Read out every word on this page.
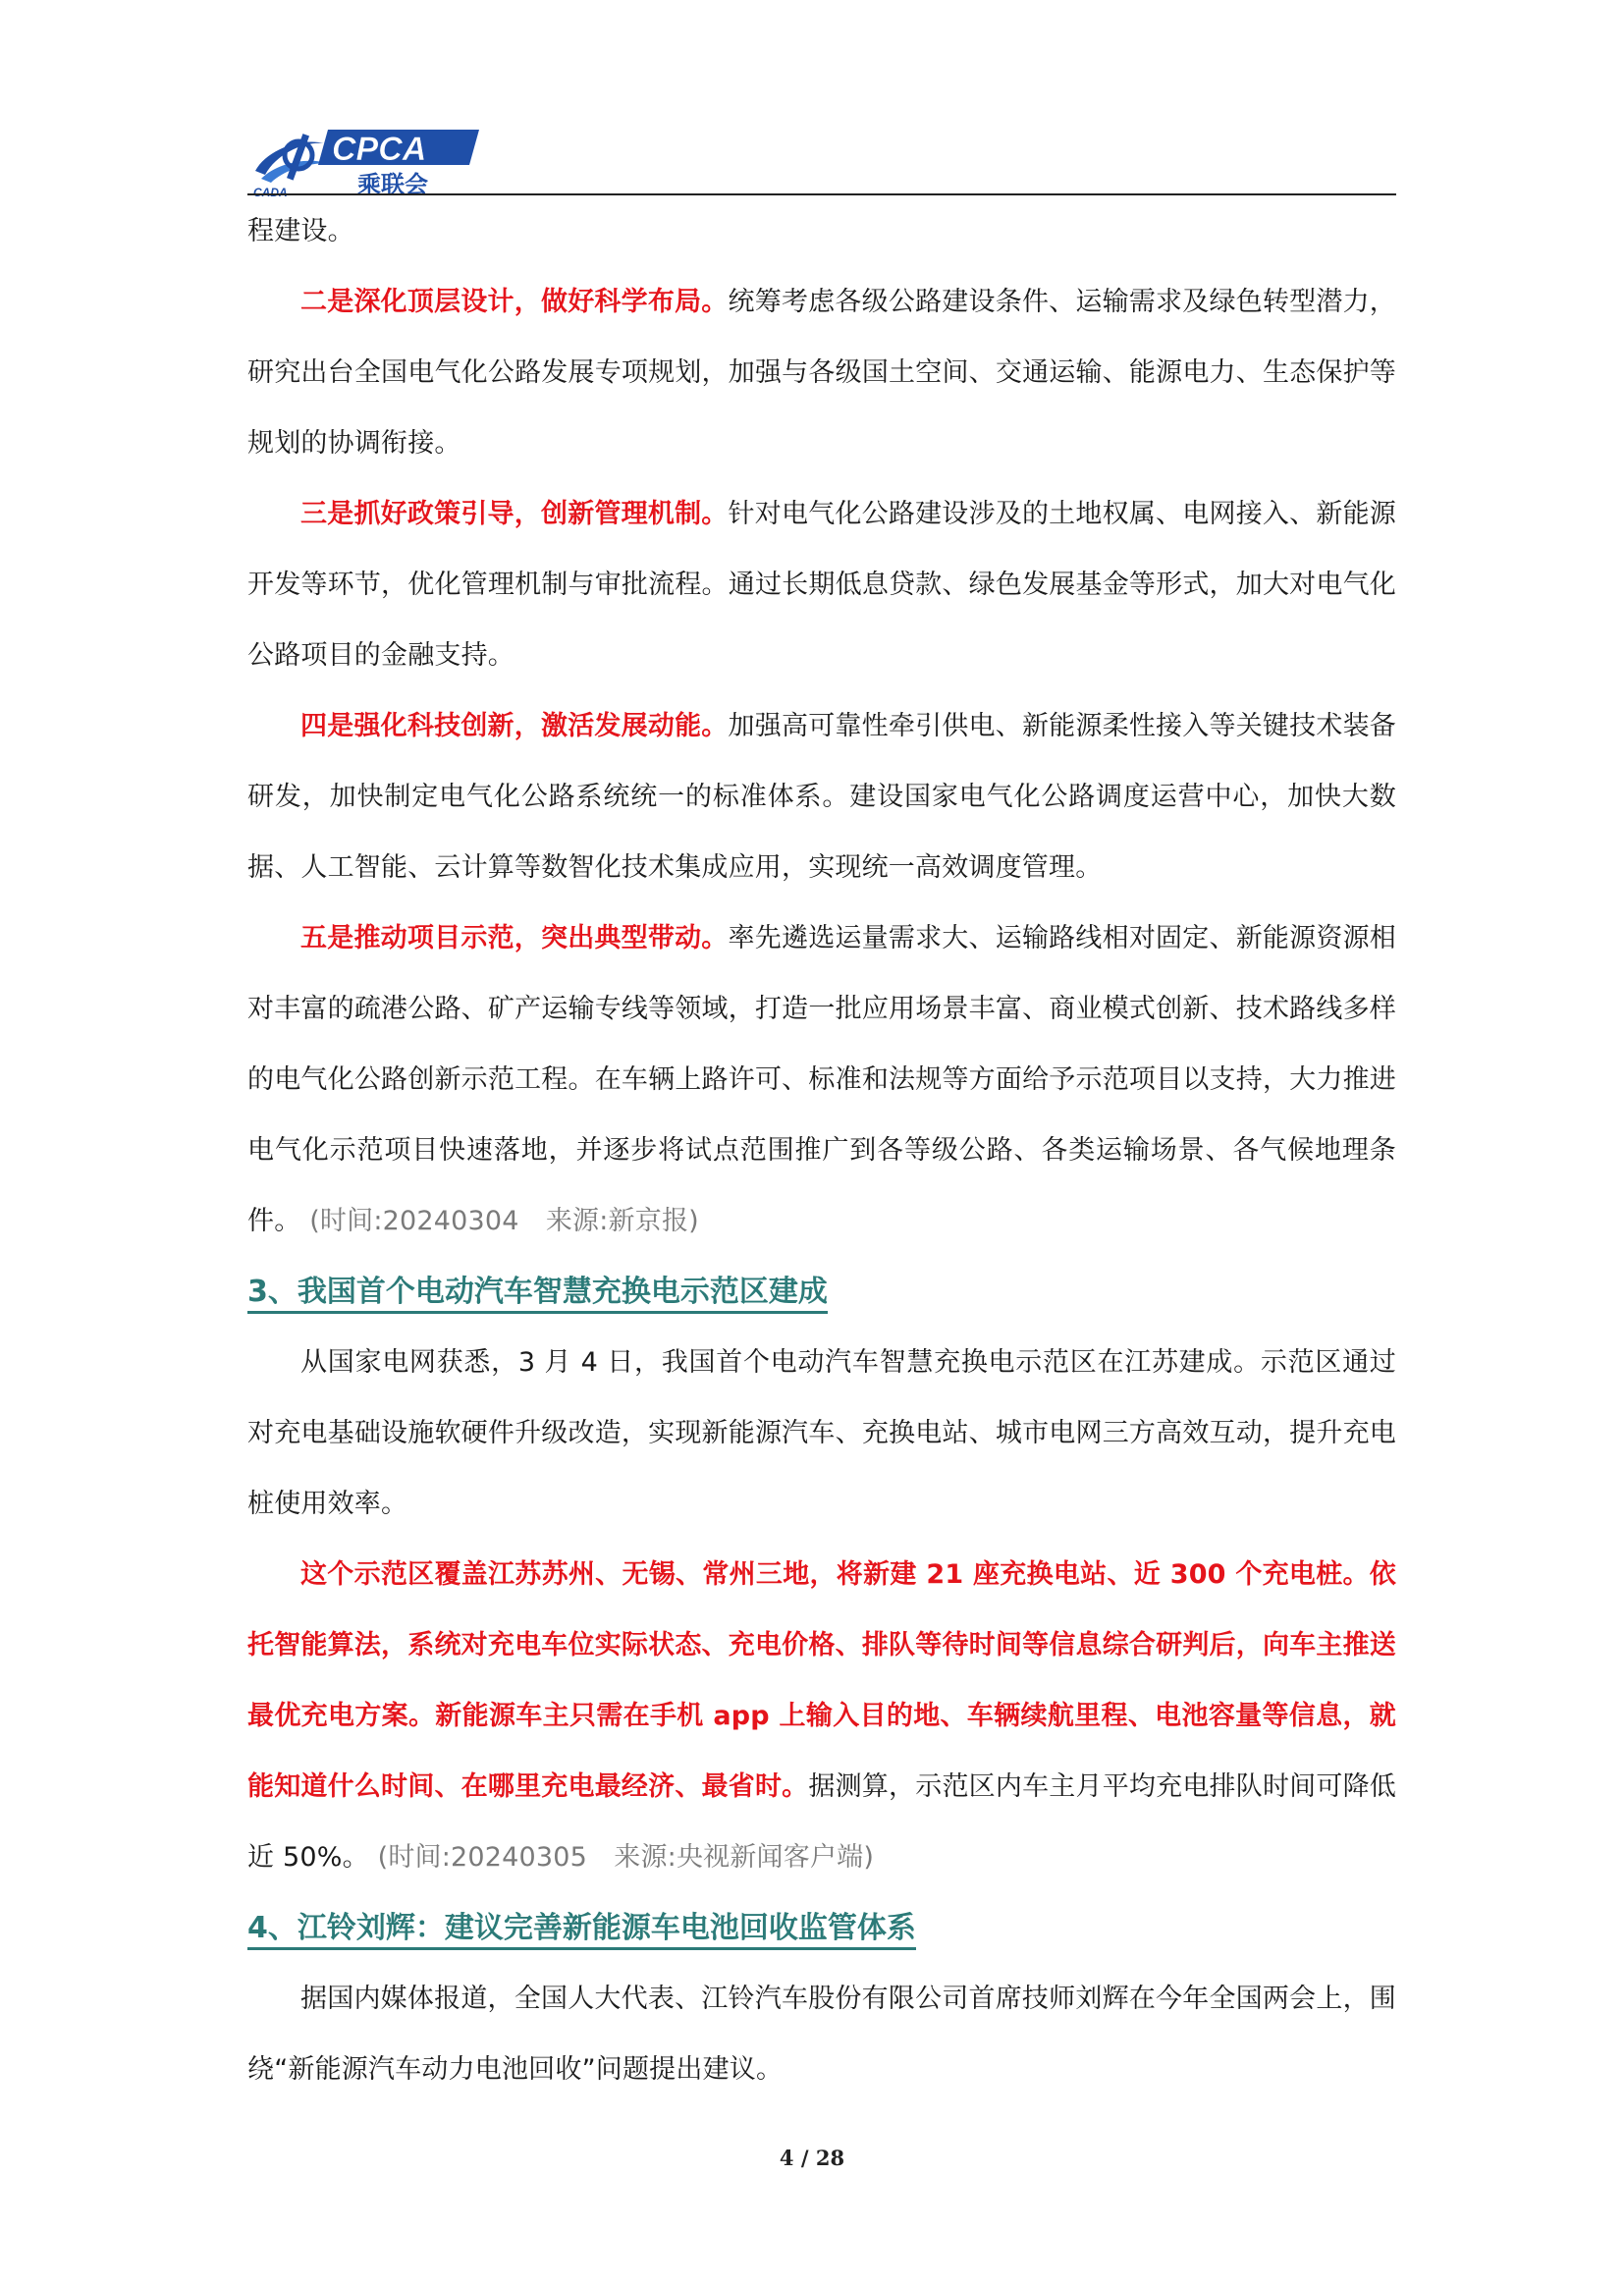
CADA
CPCA
乘联会

程建设。

二是深化顶层设计，做好科学布局。统筹考虑各级公路建设条件、运输需求及绿色转型潜力，研究出台全国电气化公路发展专项规划，加强与各级国土空间、交通运输、能源电力、生态保护等规划的协调衔接。

三是抓好政策引导，创新管理机制。针对电气化公路建设涉及的土地权属、电网接入、新能源开发等环节，优化管理机制与审批流程。通过长期低息贷款、绿色发展基金等形式，加大对电气化公路项目的金融支持。

四是强化科技创新，激活发展动能。加强高可靠性牵引供电、新能源柔性接入等关键技术装备研发，加快制定电气化公路系统统一的标准体系。建设国家电气化公路调度运营中心，加快大数据、人工智能、云计算等数智化技术集成应用，实现统一高效调度管理。

五是推动项目示范，突出典型带动。率先遴选运量需求大、运输路线相对固定、新能源资源相对丰富的疏港公路、矿产运输专线等领域，打造一批应用场景丰富、商业模式创新、技术路线多样的电气化公路创新示范工程。在车辆上路许可、标准和法规等方面给予示范项目以支持，大力推进电气化示范项目快速落地，并逐步将试点范围推广到各等级公路、各类运输场景、各气候地理条件。 (时间:20240304　来源:新京报)

3、我国首个电动汽车智慧充换电示范区建成

从国家电网获悉，3 月 4 日，我国首个电动汽车智慧充换电示范区在江苏建成。示范区通过对充电基础设施软硬件升级改造，实现新能源汽车、充换电站、城市电网三方高效互动，提升充电桩使用效率。

这个示范区覆盖江苏苏州、无锡、常州三地，将新建 21 座充换电站、近 300 个充电桩。依托智能算法，系统对充电车位实际状态、充电价格、排队等待时间等信息综合研判后，向车主推送最优充电方案。新能源车主只需在手机 app 上输入目的地、车辆续航里程、电池容量等信息，就能知道什么时间、在哪里充电最经济、最省时。据测算，示范区内车主月平均充电排队时间可降低近 50%。 (时间:20240305　来源:央视新闻客户端)

4、江铃刘辉：建议完善新能源车电池回收监管体系

据国内媒体报道，全国人大代表、江铃汽车股份有限公司首席技师刘辉在今年全国两会上，围绕“新能源汽车动力电池回收”问题提出建议。

4 / 28
